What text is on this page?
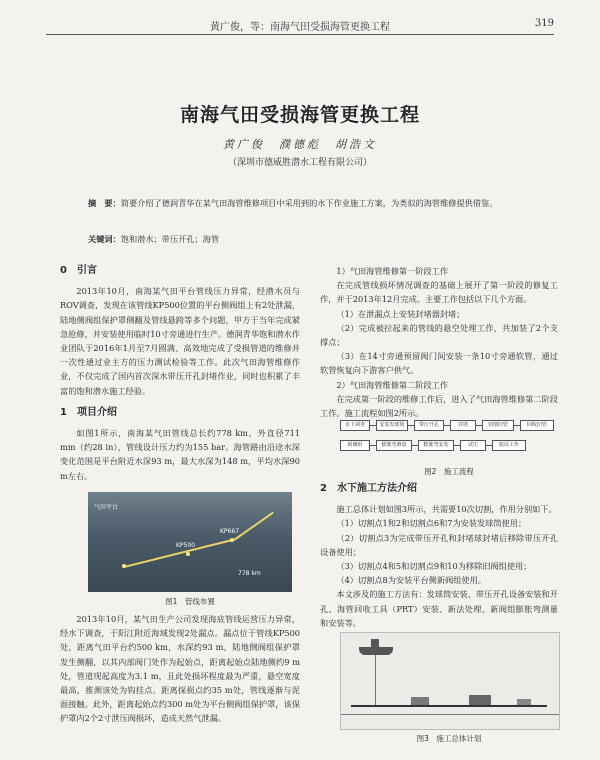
黄广俊，等：南海气田受损海管更换工程	319
南海气田受损海管更换工程
黄广俊　濮德彪　胡浩文
（深圳市德威胜潜水工程有限公司）
摘　要：简要介绍了德润青华在某气田海管维修项目中采用到的水下作业施工方案，为类似的海管维修提供借鉴。
关键词：饱和潜水；带压开孔；海管
0　引言

2013年10月，南海某气田平台管线压力异常，经潜水员与ROV调查，发现在该管线KP500位置的平台侧阀组上有2处泄漏，陆地侧阀组保护罩侧翻及管线悬跨等多个问题，甲方于当年完成紧急抢修，并安装使用临时10寸旁通进行生产。德润青华饱和潜水作业团队于2016年1月至7月圆满、高效地完成了受损管道的维修并一次性通过业主方的压力测试检验等工作。此次气田海管维修作业，不仅完成了国内首次深水带压开孔封堵作业，同时也积累了丰富的饱和潜水施工经验。

1　项目介绍

如图1所示，南海某气田管线总长约778 km，外直径711 mm（约28 in），管线设计压力约为155 bar。海管路由沿途水深变化范围是平台附近水深93 m，最大水深为148 m，平均水深90 m左右。

气田平台
KP500
KP667
778 km
图1　管线布置

2013年10月，某气田生产公司发现海底管线运营压力异常，经水下调查，于阳江附近海域发现2处漏点。漏点位于管线KP500处，距离气田平台约500 km，水深约93 m，陆地侧阀组保护罩发生侧翻，以其内部阀门处作为起始点，距离起始点陆地侧约9 m处，管道现起高度为3.1 m，且此处损坏程度最为严重，悬空宽度最高，推测该处为钩挂点。距离探损点约35 m处，管线逐渐与泥面接触。此外，距离起始点约300 m处为平台侧阀组保护罩，该保护罩内2个2寸泄压阀损坏，造成天然气泄漏。

1）气田海管维修第一阶段工作

在完成管线损坏情况调查的基础上展开了第一阶段的修复工作，并于2013年12月完成。主要工作包括以下几个方面。

（1）在泄漏点上安装封堵器封堵；

（2）完成被拉起来的管线的悬空处理工作，共加装了2个支撑点；

（3）在14寸旁通预留阀门间安装一条10寸旁通软管，通过软管恢复向下游客户供气。

2）气田海管维修第二阶段工作

在完成第一阶段的维修工作后，进入了气田海管维修第二阶段工作。施工流程如图2所示。

水下调查	安装发球筒	带压开孔	封堵	切割旧管	回收旧管
新阀组	膨胀弯测量	膨胀弯安装	试压	收尾工作
图2　施工流程
2　水下施工方法介绍

施工总体计划如图3所示，共需要10次切割，作用分别如下。

（1）切割点1和2和切割点6和7为安装发球筒使用；

（2）切割点3为完成带压开孔和封堵球封堵后移除带压开孔设备使用；

（3）切割点4和5和切割点9和10为移除旧阀组使用；

（4）切割点8为安装平台侧新阀组使用。

本文涉及的施工方法有：发球筒安装、带压开孔设备安装和开孔、海管回收工具（PRT）安装、新法处理、新阀组膨胀弯测量和安装等。

图3　施工总体计划
